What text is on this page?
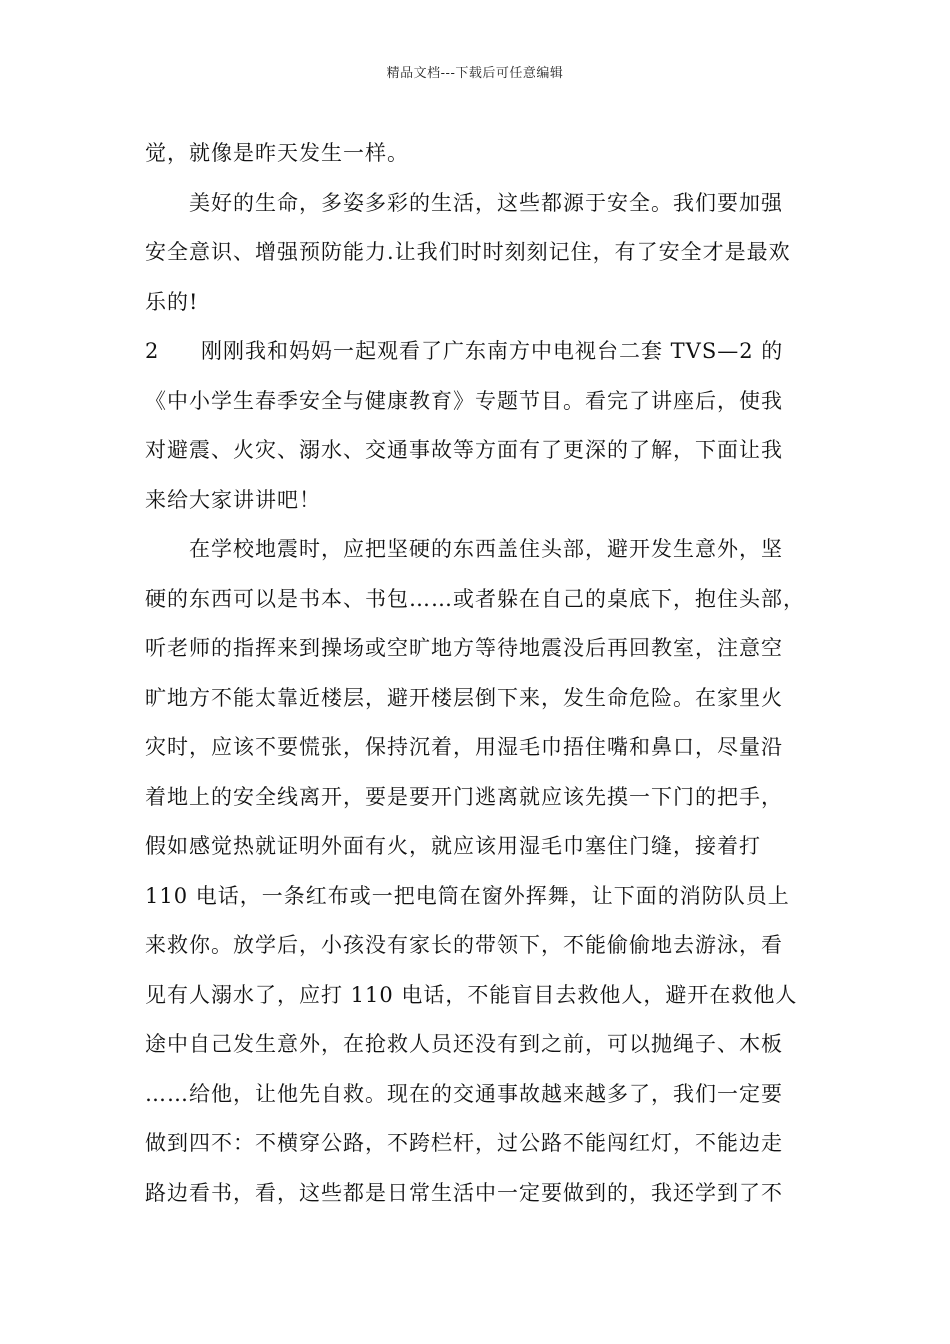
精品文档---下载后可任意编辑
觉，就像是昨天发生一样。
美好的生命，多姿多彩的生活，这些都源于安全。我们要加强
安全意识、增强预防能力.让我们时时刻刻记住，有了安全才是最欢
乐的!
2 刚刚我和妈妈一起观看了广东南方中电视台二套 TVS—2 的
《中小学生春季安全与健康教育》专题节目。看完了讲座后，使我
对避震、火灾、溺水、交通事故等方面有了更深的了解，下面让我
来给大家讲讲吧！
在学校地震时，应把坚硬的东西盖住头部，避开发生意外，坚
硬的东西可以是书本、书包……或者躲在自己的桌底下，抱住头部，
听老师的指挥来到操场或空旷地方等待地震没后再回教室，注意空
旷地方不能太靠近楼层，避开楼层倒下来，发生命危险。在家里火
灾时，应该不要慌张，保持沉着，用湿毛巾捂住嘴和鼻口，尽量沿
着地上的安全线离开，要是要开门逃离就应该先摸一下门的把手，
假如感觉热就证明外面有火，就应该用湿毛巾塞住门缝，接着打
110 电话，一条红布或一把电筒在窗外挥舞，让下面的消防队员上
来救你。放学后，小孩没有家长的带领下，不能偷偷地去游泳，看
见有人溺水了，应打 110 电话，不能盲目去救他人，避开在救他人
途中自己发生意外，在抢救人员还没有到之前，可以抛绳子、木板
……给他，让他先自救。现在的交通事故越来越多了，我们一定要
做到四不：不横穿公路，不跨栏杆，过公路不能闯红灯，不能边走
路边看书，看，这些都是日常生活中一定要做到的，我还学到了不
